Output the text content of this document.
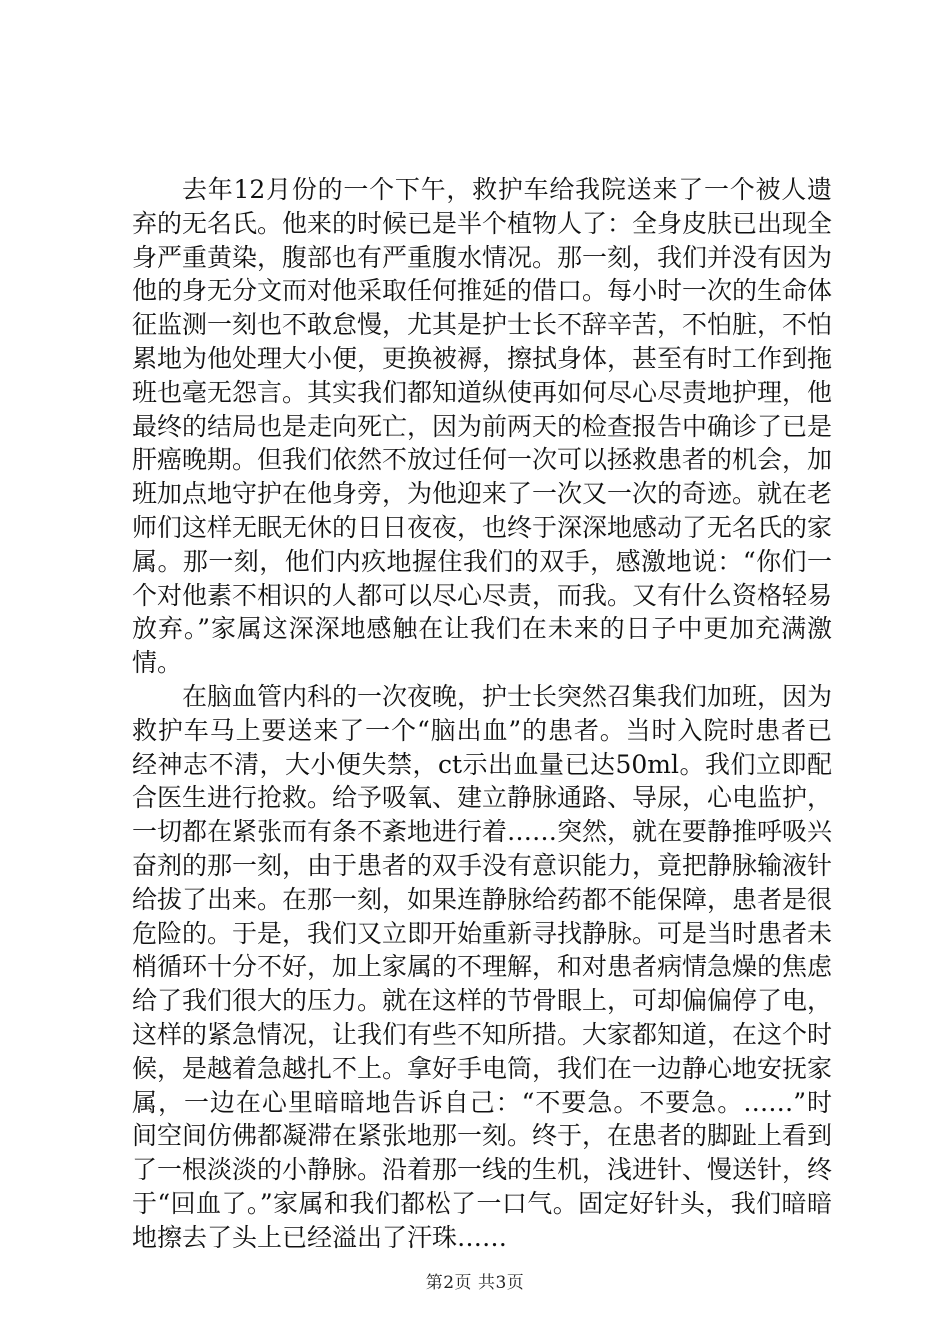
去年12月份的一个下午，救护车给我院送来了一个被人遗弃的无名氏。他来的时候已是半个植物人了：全身皮肤已出现全身严重黄染，腹部也有严重腹水情况。那一刻，我们并没有因为他的身无分文而对他采取任何推延的借口。每小时一次的生命体征监测一刻也不敢怠慢，尤其是护士长不辞辛苦，不怕脏，不怕累地为他处理大小便，更换被褥，擦拭身体，甚至有时工作到拖班也毫无怨言。其实我们都知道纵使再如何尽心尽责地护理，他最终的结局也是走向死亡，因为前两天的检查报告中确诊了已是肝癌晚期。但我们依然不放过任何一次可以拯救患者的机会，加班加点地守护在他身旁，为他迎来了一次又一次的奇迹。就在老师们这样无眠无休的日日夜夜，也终于深深地感动了无名氏的家属。那一刻，他们内疚地握住我们的双手，感激地说：“你们一个对他素不相识的人都可以尽心尽责，而我。又有什么资格轻易放弃。”家属这深深地感触在让我们在未来的日子中更加充满激情。

在脑血管内科的一次夜晚，护士长突然召集我们加班，因为救护车马上要送来了一个“脑出血”的患者。当时入院时患者已经神志不清，大小便失禁，ct示出血量已达50ml。我们立即配合医生进行抢救。给予吸氧、建立静脉通路、导尿，心电监护，一切都在紧张而有条不紊地进行着……突然，就在要静推呼吸兴奋剂的那一刻，由于患者的双手没有意识能力，竟把静脉输液针给拔了出来。在那一刻，如果连静脉给药都不能保障，患者是很危险的。于是，我们又立即开始重新寻找静脉。可是当时患者未梢循环十分不好，加上家属的不理解，和对患者病情急燥的焦虑给了我们很大的压力。就在这样的节骨眼上，可却偏偏停了电，这样的紧急情况，让我们有些不知所措。大家都知道，在这个时候，是越着急越扎不上。拿好手电筒，我们在一边静心地安抚家属，一边在心里暗暗地告诉自己：“不要急。不要急。……”时间空间仿佛都凝滞在紧张地那一刻。终于，在患者的脚趾上看到了一根淡淡的小静脉。沿着那一线的生机，浅进针、慢送针，终于“回血了。”家属和我们都松了一口气。固定好针头，我们暗暗地擦去了头上已经溢出了汗珠……

第2页 共3页
